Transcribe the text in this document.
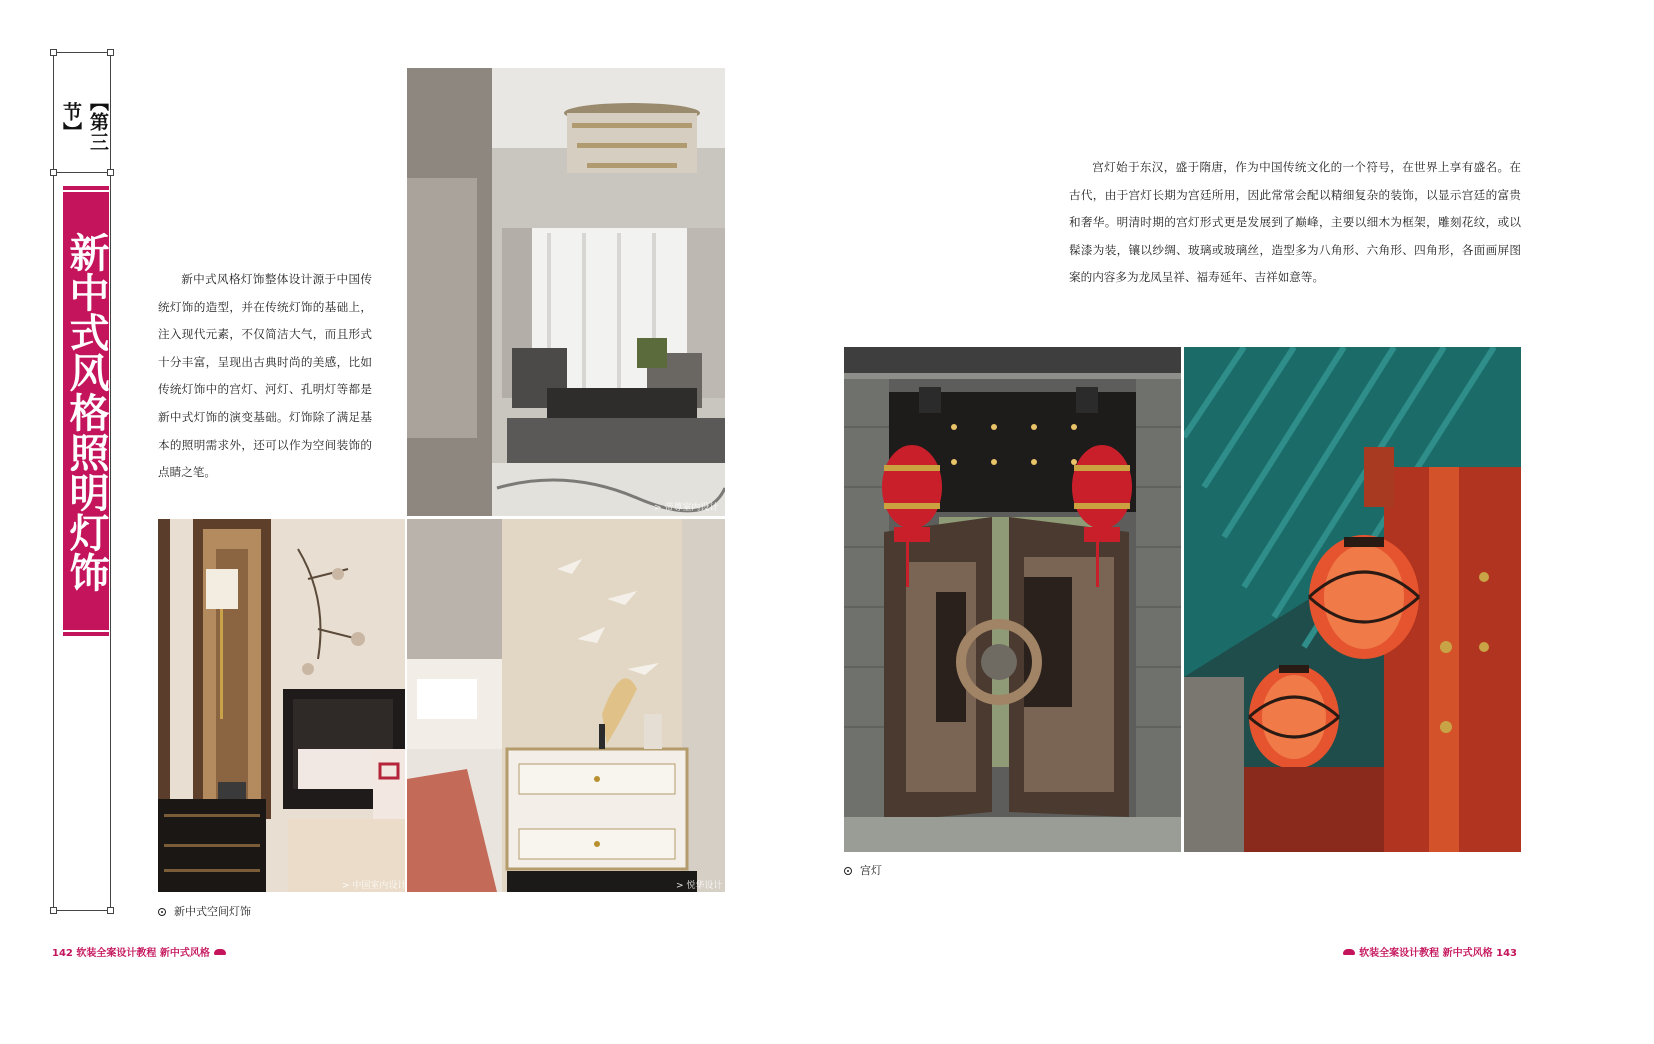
【第三节】
新中式风格照明灯饰	新中式风格灯饰整体设计源于中国传统灯饰的造型，并在传统灯饰的基础上，注入现代元素，不仅简洁大气，而且形式十分丰富，呈现出古典时尚的美感，比如传统灯饰中的宫灯、河灯、孔明灯等都是新中式灯饰的演变基础。灯饰除了满足基本的照明需求外，还可以作为空间装饰的点睛之笔。
> 帝尊室内设计
> 中国室内设计	> 悦华设计
新中式空间灯饰
宫灯始于东汉，盛于隋唐，作为中国传统文化的一个符号，在世界上享有盛名。在古代，由于宫灯长期为宫廷所用，因此常常会配以精细复杂的装饰，以显示宫廷的富贵和奢华。明清时期的宫灯形式更是发展到了巅峰，主要以细木为框架，雕刻花纹，或以髹漆为装，镶以纱绸、玻璃或玻璃丝，造型多为八角形、六角形、四角形，各面画屏图案的内容多为龙凤呈祥、福寿延年、吉祥如意等。
宫灯
142 软装全案设计教程 新中式风格	软装全案设计教程 新中式风格 143
